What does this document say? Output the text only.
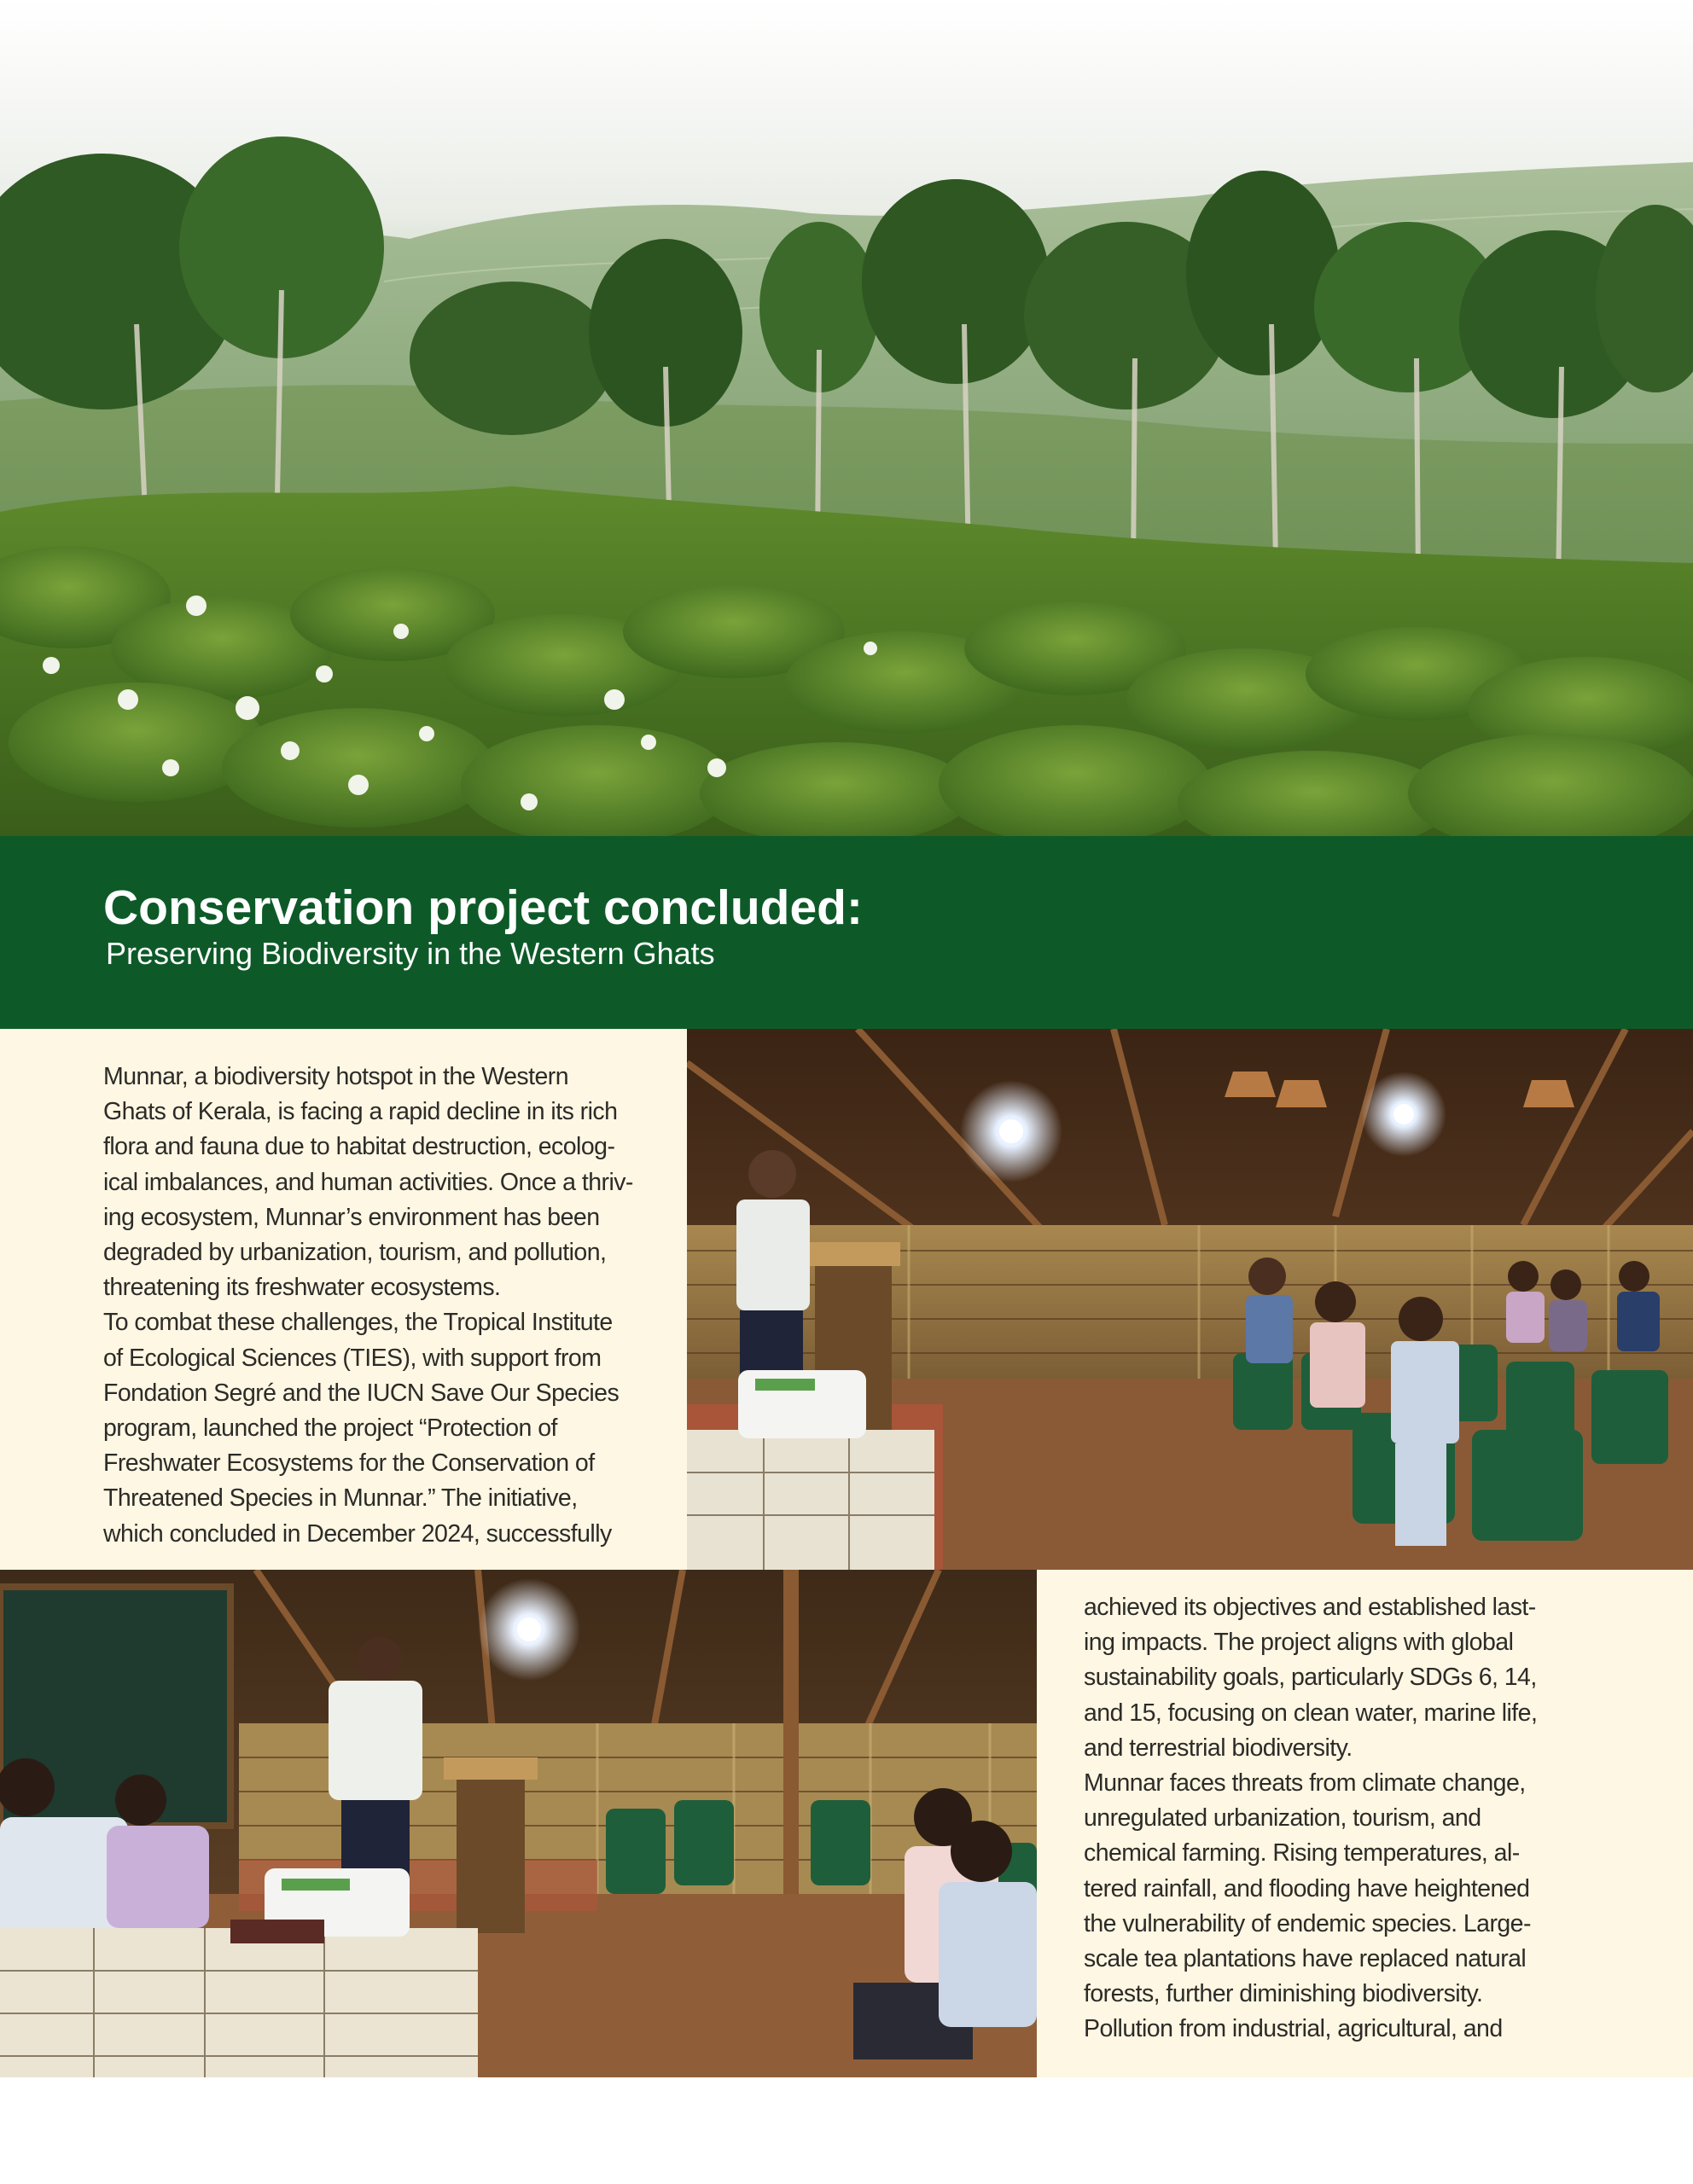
Conservation project concluded:
Preserving Biodiversity in the Western Ghats
Munnar, a biodiversity hotspot in the Western
Ghats of Kerala, is facing a rapid decline in its rich
flora and fauna due to habitat destruction, ecolog-
ical imbalances, and human activities. Once a thriv-
ing ecosystem, Munnar’s environment has been
degraded by urbanization, tourism, and pollution,
threatening its freshwater ecosystems.
To combat these challenges, the Tropical Institute
of Ecological Sciences (TIES), with support from
Fondation Segré and the IUCN Save Our Species
program, launched the project “Protection of
Freshwater Ecosystems for the Conservation of
Threatened Species in Munnar.” The initiative,
which concluded in December 2024, successfully
achieved its objectives and established last-
ing impacts. The project aligns with global
sustainability goals, particularly SDGs 6, 14,
and 15, focusing on clean water, marine life,
and terrestrial biodiversity.
Munnar faces threats from climate change,
unregulated urbanization, tourism, and
chemical farming. Rising temperatures, al-
tered rainfall, and flooding have heightened
the vulnerability of endemic species. Large-
scale tea plantations have replaced natural
forests, further diminishing biodiversity.
Pollution from industrial, agricultural, and
